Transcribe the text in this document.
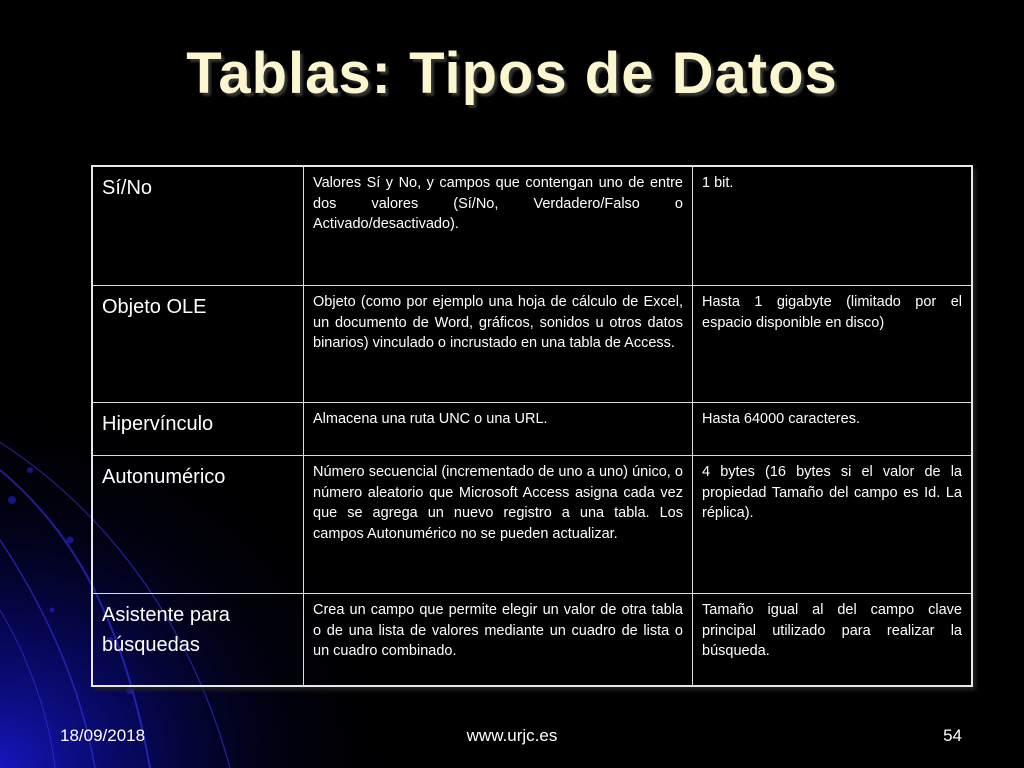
Tablas: Tipos de Datos
Sí/No	Valores Sí y No, y campos que contengan uno de entre dos valores (Sí/No, Verdadero/Falso o Activado/desactivado).	1 bit.
Objeto OLE	Objeto (como por ejemplo una hoja de cálculo de Excel, un documento de Word, gráficos, sonidos u otros datos binarios) vinculado o incrustado en una tabla de Access.	Hasta 1 gigabyte (limitado por el espacio disponible en disco)
Hipervínculo	Almacena una ruta UNC o una URL.	Hasta 64000 caracteres.
Autonumérico	Número secuencial (incrementado de uno a uno) único, o número aleatorio que Microsoft Access asigna cada vez que se agrega un nuevo registro a una tabla. Los campos Autonumérico no se pueden actualizar.	4 bytes (16 bytes si el valor de la propiedad Tamaño del campo es Id. La réplica).
Asistente para búsquedas	Crea un campo que permite elegir un valor de otra tabla o de una lista de valores mediante un cuadro de lista o un cuadro combinado.	Tamaño igual al del campo clave principal utilizado para realizar la búsqueda.
18/09/2018	www.urjc.es	54
